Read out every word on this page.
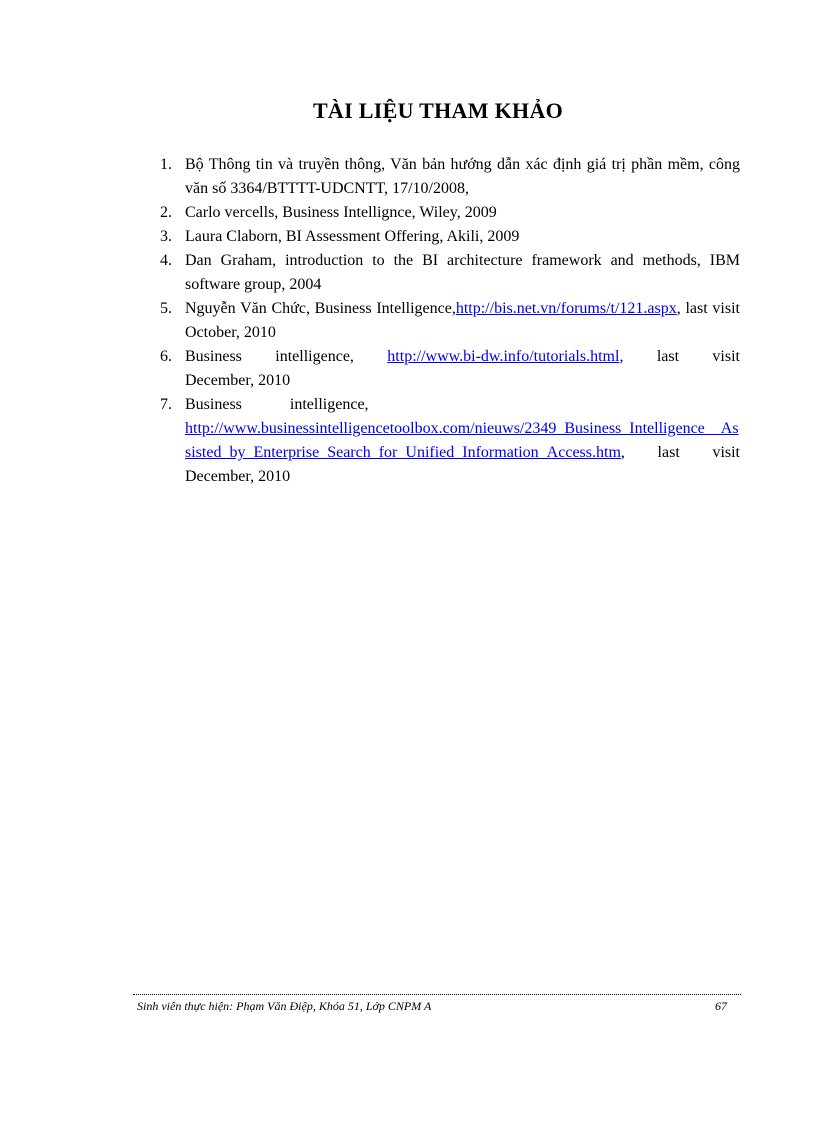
TÀI LIỆU THAM KHẢO
1. Bộ Thông tin và truyền thông, Văn bản hướng dẫn xác định giá trị phần mềm, công văn số 3364/BTTTT-UDCNTT, 17/10/2008,
2. Carlo vercells, Business Intellignce, Wiley, 2009
3. Laura Claborn, BI Assessment Offering, Akili, 2009
4. Dan Graham, introduction to the BI architecture framework and methods, IBM software group, 2004
5. Nguyễn Văn Chức, Business Intelligence,http://bis.net.vn/forums/t/121.aspx, last visit October, 2010
6. Business intelligence, http://www.bi-dw.info/tutorials.html, last visit
December, 2010
7. Business	intelligence,
http://www.businessintelligencetoolbox.com/nieuws/2349_Business_Intelligence__Assisted_by_Enterprise_Search_for_Unified_Information_Access.htm, last visit December, 2010
Sinh viên thực hiện: Phạm Văn Điệp, Khóa 51, Lớp CNPM A	67
